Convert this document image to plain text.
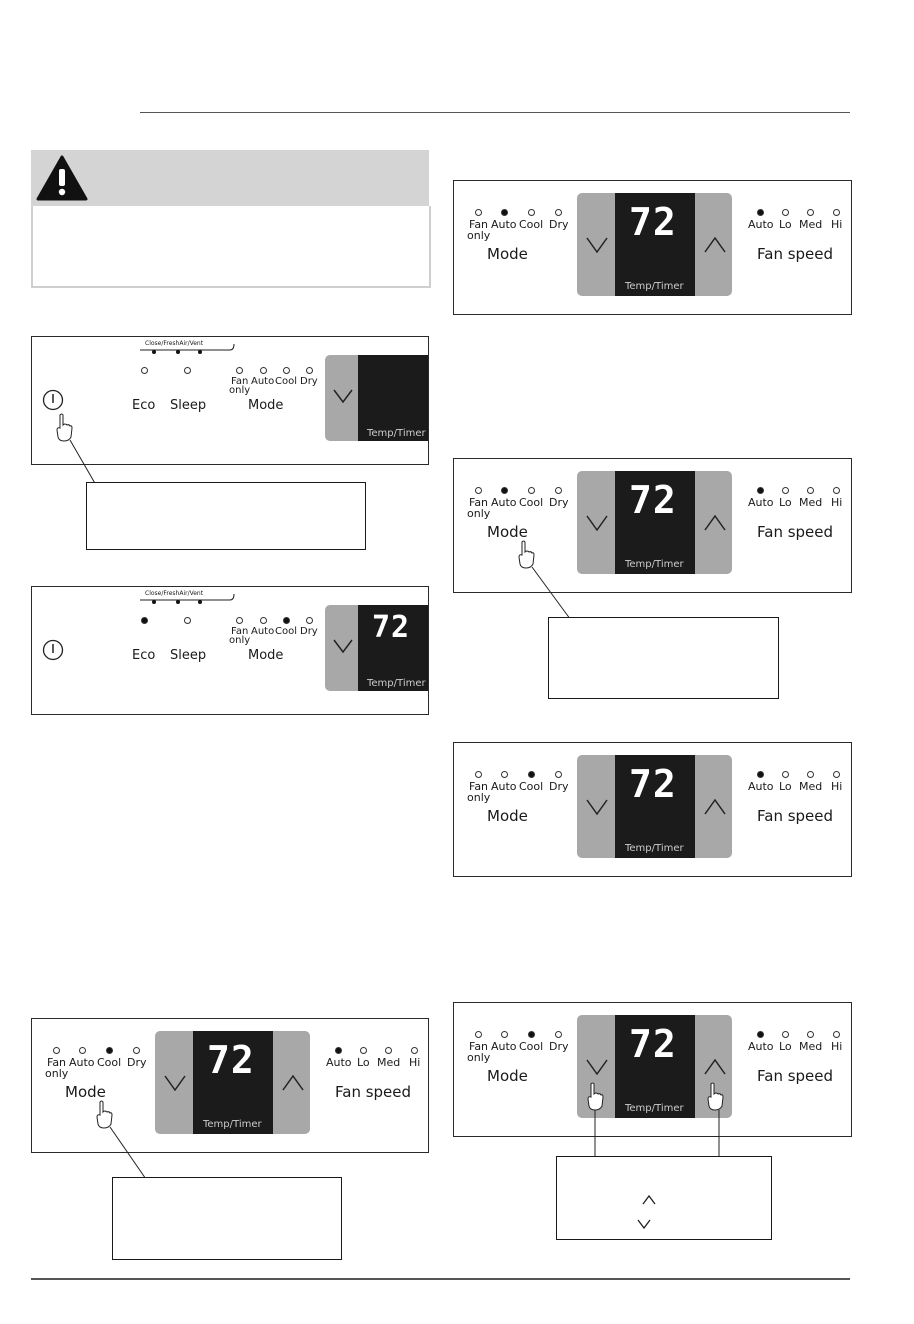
Close/FreshAir/Vent
Eco Sleep
Fan
only
Auto Cool Dry
Mode
Temp/Timer
Close/FreshAir/Vent
Eco Sleep
Fan
only
Auto Cool Dry
Mode
72
Temp/Timer
Fan
only
Auto Cool Dry
Mode
72
Temp/Timer
Auto Lo Med Hi
Fan speed
Fan
only
Auto Cool Dry
Mode
72
Temp/Timer
Auto Lo Med Hi
Fan speed
Fan
only
Auto Cool Dry
Mode
72
Temp/Timer
Auto Lo Med Hi
Fan speed
Fan
only
Auto Cool Dry
Mode
72
Temp/Timer
Auto Lo Med Hi
Fan speed
Fan
only
Auto Cool Dry
Mode
72
Temp/Timer
Auto Lo Med Hi
Fan speed
